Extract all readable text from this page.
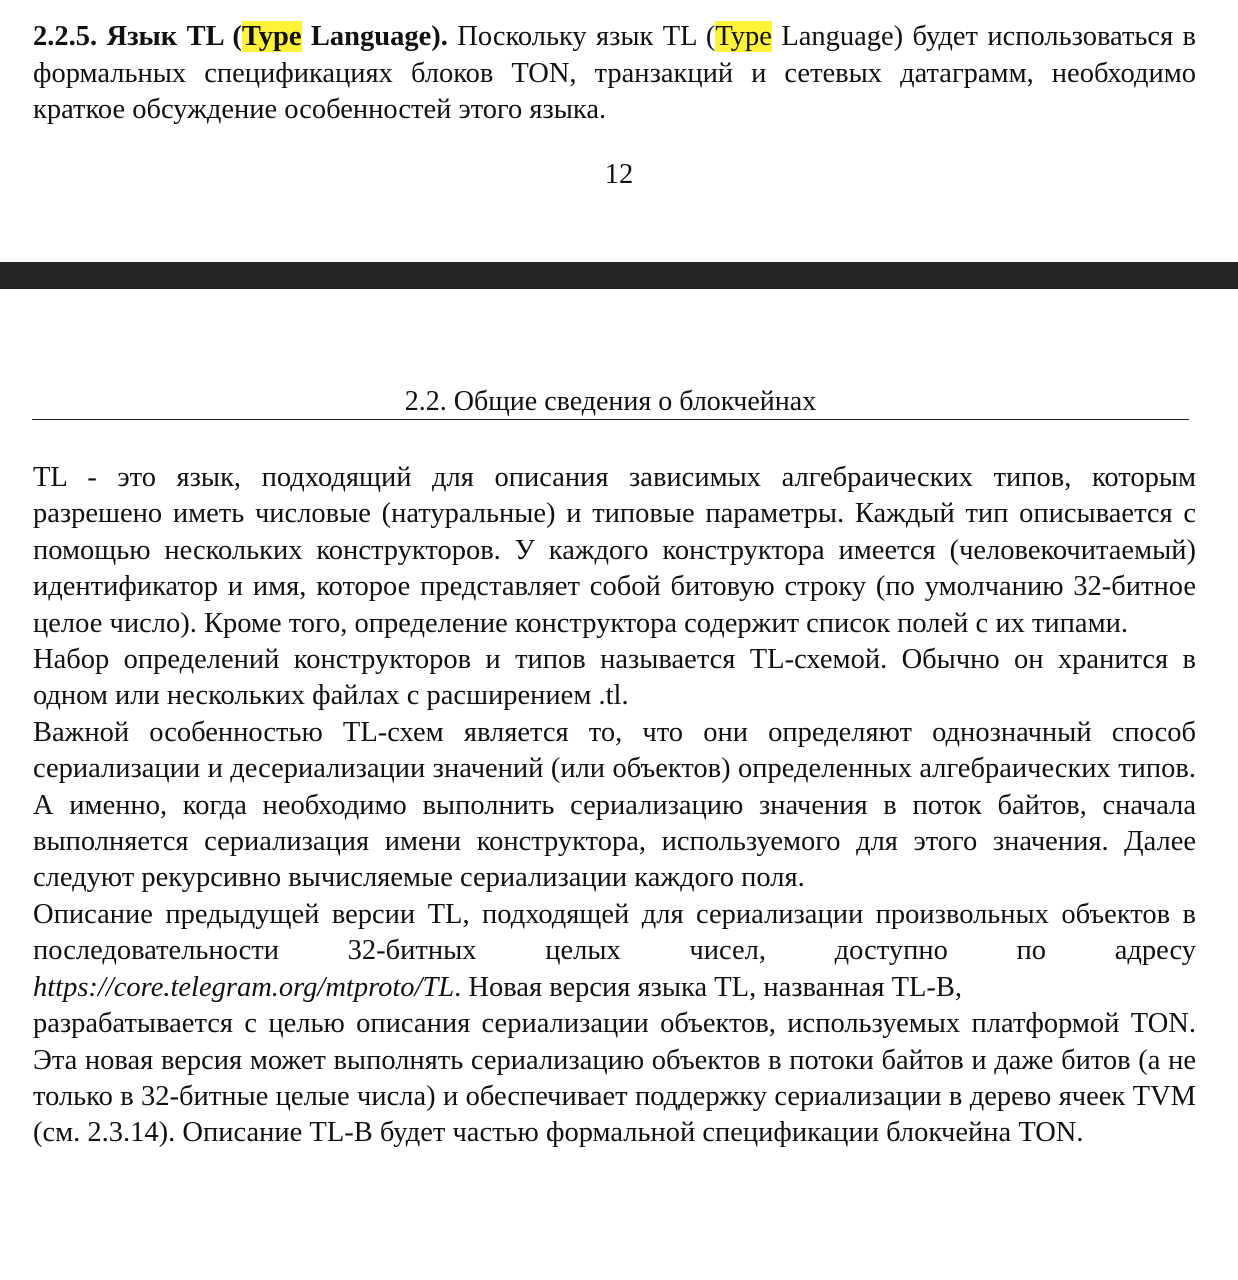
2.2.5. Язык TL (Type Language). Поскольку язык TL (Type Language) будет использоваться в формальных спецификациях блоков TON, транзакций и сетевых датаграмм, необходимо краткое обсуждение особенностей этого языка.

12
2.2. Общие сведения о блокчейнах

TL - это язык, подходящий для описания зависимых алгебраических типов, которым разрешено иметь числовые (натуральные) и типовые параметры. Каждый тип описывается с помощью нескольких конструкторов. У каждого конструктора имеется (человекочитаемый) идентификатор и имя, которое представляет собой битовую строку (по умолчанию 32-битное целое число). Кроме того, определение конструктора содержит список полей с их типами.

Набор определений конструкторов и типов называется TL-схемой. Обычно он хранится в одном или нескольких файлах с расширением .tl.

Важной особенностью TL-схем является то, что они определяют однозначный способ сериализации и десериализации значений (или объектов) определенных алгебраических типов. А именно, когда необходимо выполнить сериализацию значения в поток байтов, сначала выполняется сериализация имени конструктора, используемого для этого значения. Далее следуют рекурсивно вычисляемые сериализации каждого поля.

Описание предыдущей версии TL, подходящей для сериализации произвольных объектов в последовательности 32-битных целых чисел, доступно по адресу https://core.telegram.org/mtproto/TL. Новая версия языка TL, названная TL-B,

разрабатывается с целью описания сериализации объектов, используемых платформой TON. Эта новая версия может выполнять сериализацию объектов в потоки байтов и даже битов (а не только в 32-битные целые числа) и обеспечивает поддержку сериализации в дерево ячеек TVM (см. 2.3.14). Описание TL-B будет частью формальной спецификации блокчейна TON.
